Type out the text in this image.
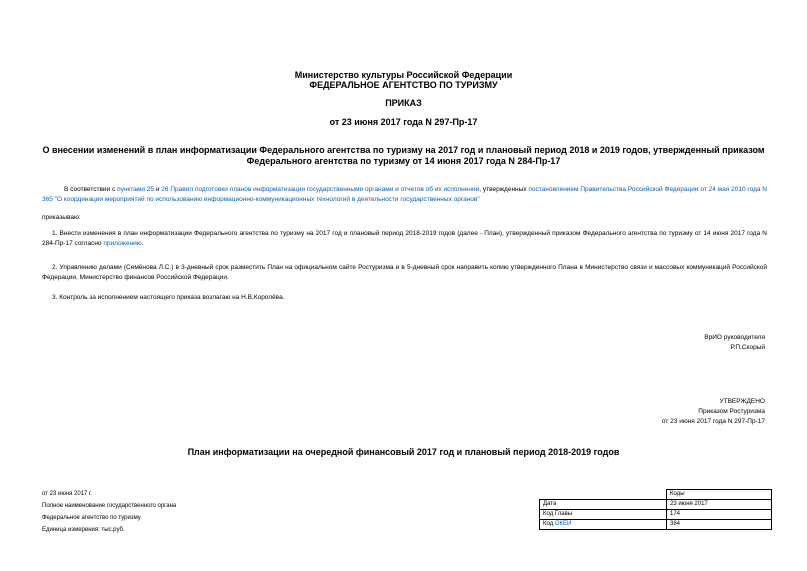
Министерство культуры Российской Федерации
ФЕДЕРАЛЬНОЕ АГЕНТСТВО ПО ТУРИЗМУ
ПРИКАЗ
от 23 июня 2017 года N 297-Пр-17
О внесении изменений в план информатизации Федерального агентства по туризму на 2017 год и плановый период 2018 и 2019 годов, утвержденный приказом
Федерального агентства по туризму от 14 июня 2017 года N 284-Пр-17
В соответствии с пунктами 25 и 26 Правил подготовки планов информатизации государственными органами и отчетов об их исполнении, утвержденных постановлением Правительства Российской Федерации от 24 мая 2010 года N 365 "О координации мероприятий по использованию информационно-коммуникационных технологий в деятельности государственных органов"
приказываю:
1. Внести изменения в план информатизации Федерального агентства по туризму на 2017 год и плановый период 2018-2019 годов (далее - План), утвержденный приказом Федерального агентства по туризму от 14 июня 2017 года N 284-Пр-17 согласно приложению.
2. Управлению делами (Семёнова Л.С.) в 3-дневный срок разместить План на официальном сайте Ростуризма и в 5-дневный срок направить копию утвержденного Плана в Министерство связи и массовых коммуникаций Российской Федерации, Министерство финансов Российской Федерации.
3. Контроль за исполнением настоящего приказа возлагаю на Н.В.Королёва.
ВрИО руководителя
Р.П.Скорый
УТВЕРЖДЕНО
Приказом Ростуризма
от 23 июня 2017 года N 297-Пр-17
План информатизации на очередной финансовый 2017 год и плановый период 2018-2019 годов
от 23 июня 2017 г.
Полное наименование государственного органа
Федеральное агентство по туризму
Единица измерения: тыс.руб.
	Коды
Дата	23 июня 2017
Код Главы	174
Код ОКЕИ	384
